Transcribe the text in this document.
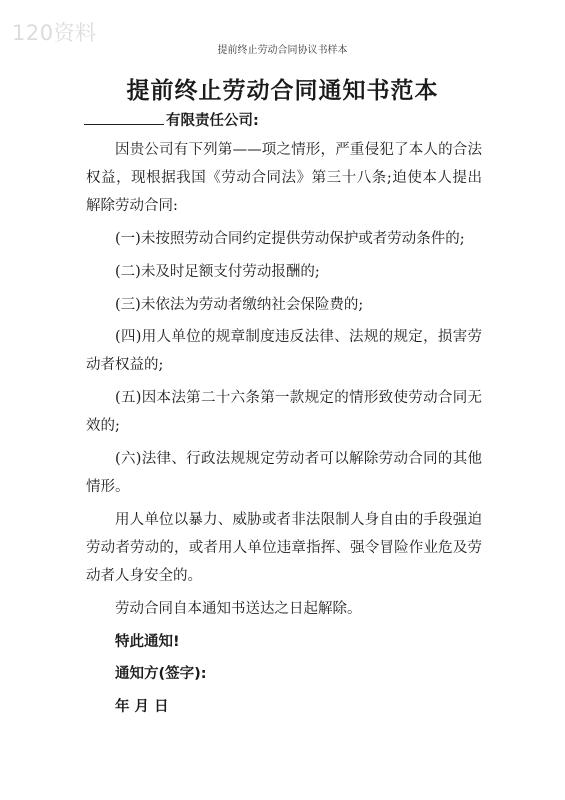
120资料
提前终止劳动合同协议书样本
提前终止劳动合同通知书范本
有限责任公司:

因贵公司有下列第——项之情形，严重侵犯了本人的合法权益，现根据我国《劳动合同法》第三十八条;迫使本人提出解除劳动合同:

(一)未按照劳动合同约定提供劳动保护或者劳动条件的;

(二)未及时足额支付劳动报酬的;

(三)未依法为劳动者缴纳社会保险费的;

(四)用人单位的规章制度违反法律、法规的规定，损害劳动者权益的;

(五)因本法第二十六条第一款规定的情形致使劳动合同无效的;

(六)法律、行政法规规定劳动者可以解除劳动合同的其他情形。

用人单位以暴力、威胁或者非法限制人身自由的手段强迫劳动者劳动的，或者用人单位违章指挥、强令冒险作业危及劳动者人身安全的。

劳动合同自本通知书送达之日起解除。

特此通知!

通知方(签字):

年 月 日
